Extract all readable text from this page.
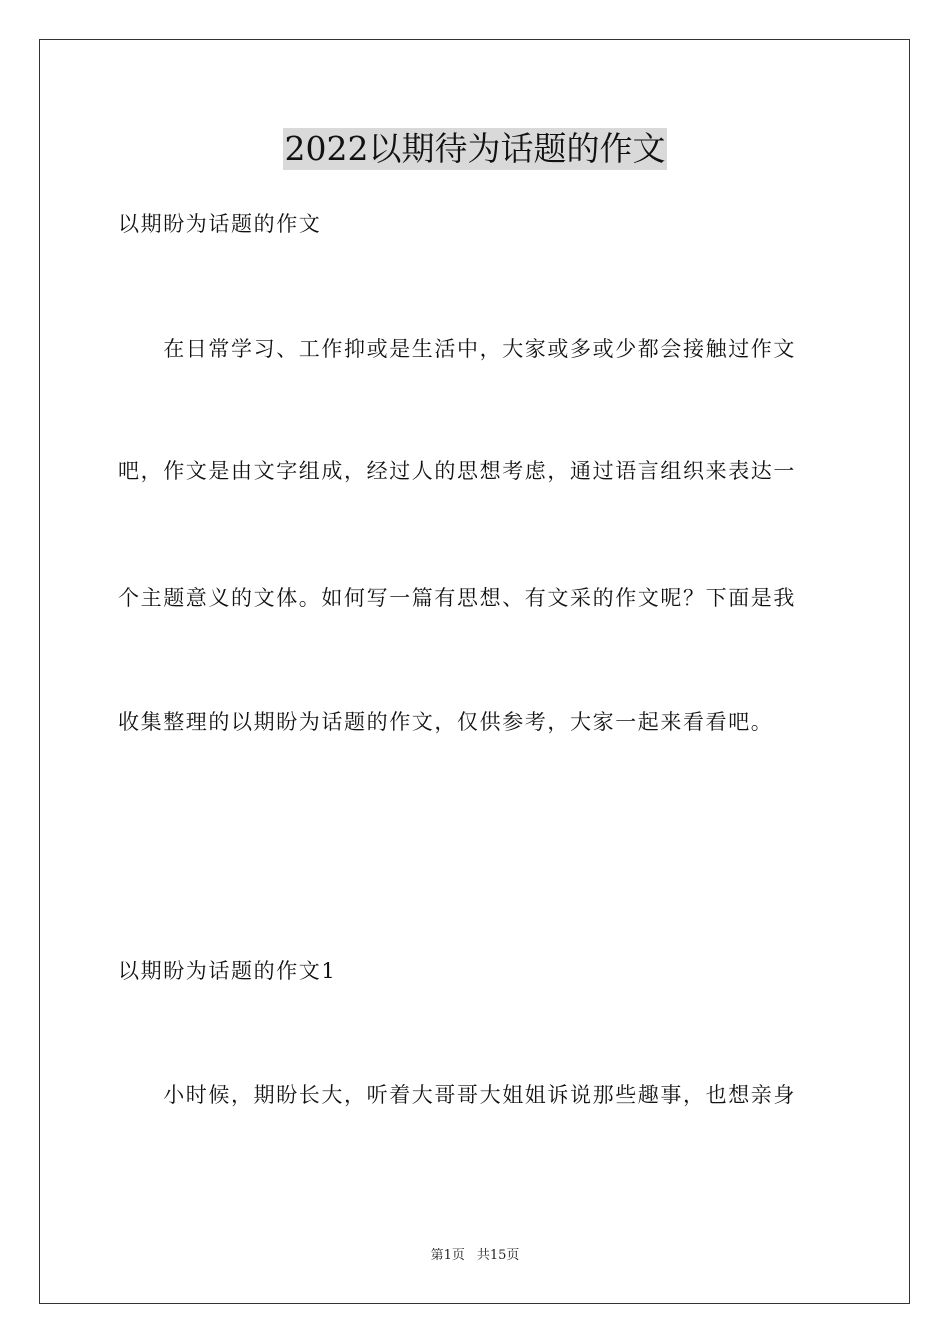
2022以期待为话题的作文
以期盼为话题的作文
　　在日常学习、工作抑或是生活中，大家或多或少都会接触过作文
吧，作文是由文字组成，经过人的思想考虑，通过语言组织来表达一
个主题意义的文体。如何写一篇有思想、有文采的作文呢？下面是我
收集整理的以期盼为话题的作文，仅供参考，大家一起来看看吧。
以期盼为话题的作文1
　　小时候，期盼长大，听着大哥哥大姐姐诉说那些趣事，也想亲身
第1页 共15页
